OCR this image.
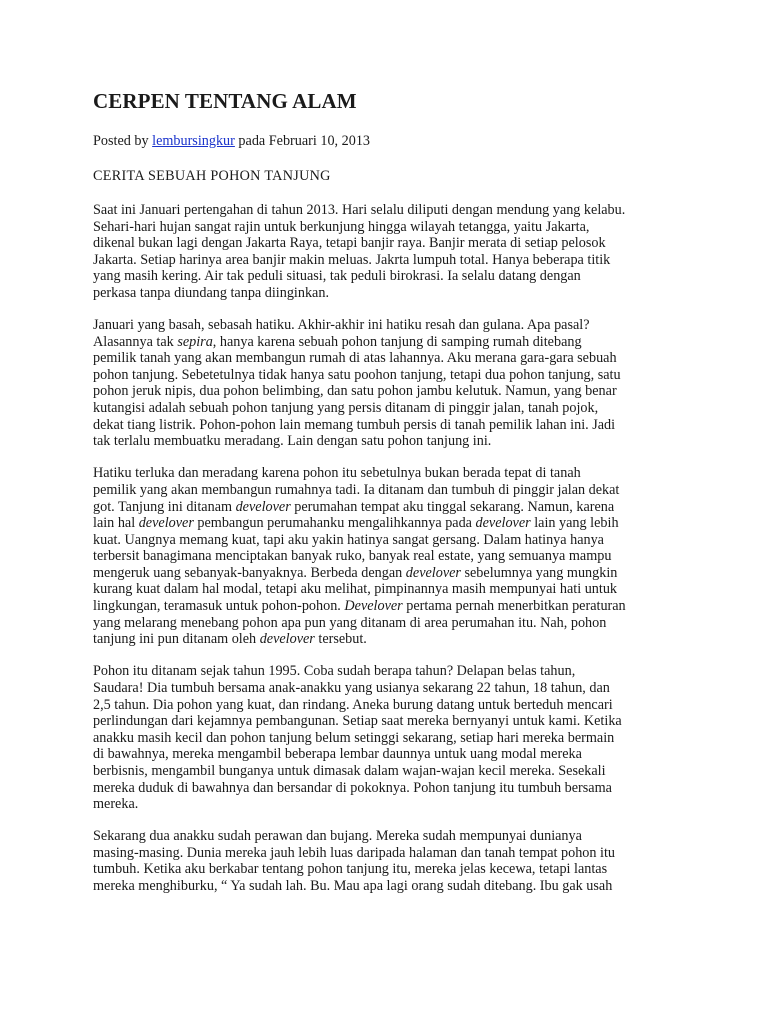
CERPEN TENTANG ALAM
Posted by lembursingkur pada Februari 10, 2013
CERITA SEBUAH POHON TANJUNG
Saat ini Januari pertengahan di tahun 2013. Hari selalu diliputi dengan mendung yang kelabu.
Sehari-hari hujan sangat rajin untuk berkunjung hingga wilayah tetangga, yaitu Jakarta,
dikenal bukan lagi dengan Jakarta Raya, tetapi banjir raya. Banjir merata di setiap pelosok
Jakarta. Setiap harinya area banjir makin meluas. Jakrta lumpuh total. Hanya beberapa titik
yang masih kering. Air tak peduli situasi, tak peduli birokrasi. Ia selalu datang dengan
perkasa tanpa diundang tanpa diinginkan.
Januari yang basah, sebasah hatiku. Akhir-akhir ini hatiku resah dan gulana. Apa pasal?
Alasannya tak sepira, hanya karena sebuah pohon tanjung di samping rumah ditebang
pemilik tanah yang akan membangun rumah di atas lahannya. Aku merana gara-gara sebuah
pohon tanjung. Sebetetulnya tidak hanya satu poohon tanjung, tetapi dua pohon tanjung, satu
pohon jeruk nipis, dua pohon belimbing, dan satu pohon jambu kelutuk. Namun, yang benar
kutangisi adalah sebuah pohon tanjung yang persis ditanam di pinggir jalan, tanah pojok,
dekat tiang listrik. Pohon-pohon lain memang tumbuh persis di tanah pemilik lahan ini. Jadi
tak terlalu membuatku meradang. Lain dengan satu pohon tanjung ini.
Hatiku terluka dan meradang karena pohon itu sebetulnya bukan berada tepat di tanah
pemilik yang akan membangun rumahnya tadi. Ia ditanam dan tumbuh di pinggir jalan dekat
got. Tanjung ini ditanam develover perumahan tempat aku tinggal sekarang. Namun, karena
lain hal develover pembangun perumahanku mengalihkannya pada develover lain yang lebih
kuat. Uangnya memang kuat, tapi aku yakin hatinya sangat gersang. Dalam hatinya hanya
terbersit banagimana menciptakan banyak ruko, banyak real estate, yang semuanya mampu
mengeruk uang sebanyak-banyaknya. Berbeda dengan develover sebelumnya yang mungkin
kurang kuat dalam hal modal, tetapi aku melihat, pimpinannya masih mempunyai hati untuk
lingkungan, teramasuk untuk pohon-pohon. Develover pertama pernah menerbitkan peraturan
yang melarang menebang pohon apa pun yang ditanam di area perumahan itu. Nah, pohon
tanjung ini pun ditanam oleh develover tersebut.
Pohon itu ditanam sejak tahun 1995. Coba sudah berapa tahun? Delapan belas tahun,
Saudara! Dia tumbuh bersama anak-anakku yang usianya sekarang 22 tahun, 18 tahun, dan
2,5 tahun. Dia pohon yang kuat, dan rindang. Aneka burung datang untuk berteduh mencari
perlindungan dari kejamnya pembangunan. Setiap saat mereka bernyanyi untuk kami. Ketika
anakku masih kecil dan pohon tanjung belum setinggi sekarang, setiap hari mereka bermain
di bawahnya, mereka mengambil beberapa lembar daunnya untuk uang modal mereka
berbisnis, mengambil bunganya untuk dimasak dalam wajan-wajan kecil mereka. Sesekali
mereka duduk di bawahnya dan bersandar di pokoknya. Pohon tanjung itu tumbuh bersama
mereka.
Sekarang dua anakku sudah perawan dan bujang. Mereka sudah mempunyai dunianya
masing-masing. Dunia mereka jauh lebih luas daripada halaman dan tanah tempat pohon itu
tumbuh. Ketika aku berkabar tentang pohon tanjung itu, mereka jelas kecewa, tetapi lantas
mereka menghiburku, “ Ya sudah lah. Bu. Mau apa lagi orang sudah ditebang. Ibu gak usah
